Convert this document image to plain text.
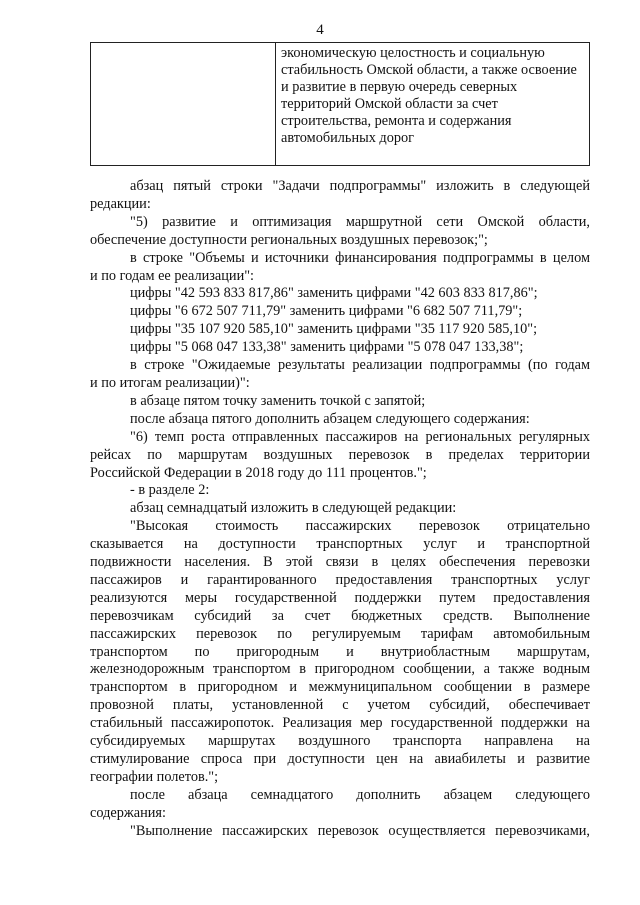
4

экономическую целостность и социальную
стабильность Омской области, а также освоение
и развитие в первую очередь северных
территорий Омской области за счет
строительства, ремонта и содержания
автомобильных дорог
абзац пятый строки "Задачи подпрограммы" изложить в следующей
редакции:
"5) развитие и оптимизация маршрутной сети Омской области,
обеспечение доступности региональных воздушных перевозок;";
в строке "Объемы и источники финансирования подпрограммы в целом
и по годам ее реализации":
цифры "42 593 833 817,86" заменить цифрами "42 603 833 817,86";
цифры "6 672 507 711,79" заменить цифрами "6 682 507 711,79";
цифры "35 107 920 585,10" заменить цифрами "35 117 920 585,10";
цифры "5 068 047 133,38" заменить цифрами "5 078 047 133,38";
в строке "Ожидаемые результаты реализации подпрограммы (по годам
и по итогам реализации)":
в абзаце пятом точку заменить точкой с запятой;
после абзаца пятого дополнить абзацем следующего содержания:
"6) темп роста отправленных пассажиров на региональных регулярных
рейсах по маршрутам воздушных перевозок в пределах территории
Российской Федерации в 2018 году до 111 процентов.";
- в разделе 2:
абзац семнадцатый изложить в следующей редакции:
"Высокая стоимость пассажирских перевозок отрицательно
сказывается на доступности транспортных услуг и транспортной
подвижности населения. В этой связи в целях обеспечения перевозки
пассажиров и гарантированного предоставления транспортных услуг
реализуются меры государственной поддержки путем предоставления
перевозчикам субсидий за счет бюджетных средств. Выполнение
пассажирских перевозок по регулируемым тарифам автомобильным
транспортом по пригородным и внутриобластным маршрутам,
железнодорожным транспортом в пригородном сообщении, а также водным
транспортом в пригородном и межмуниципальном сообщении в размере
провозной платы, установленной с учетом субсидий, обеспечивает
стабильный пассажиропоток. Реализация мер государственной поддержки на
субсидируемых маршрутах воздушного транспорта направлена на
стимулирование спроса при доступности цен на авиабилеты и развитие
географии полетов.";
после абзаца семнадцатого дополнить абзацем следующего
содержания:
"Выполнение пассажирских перевозок осуществляется перевозчиками,
